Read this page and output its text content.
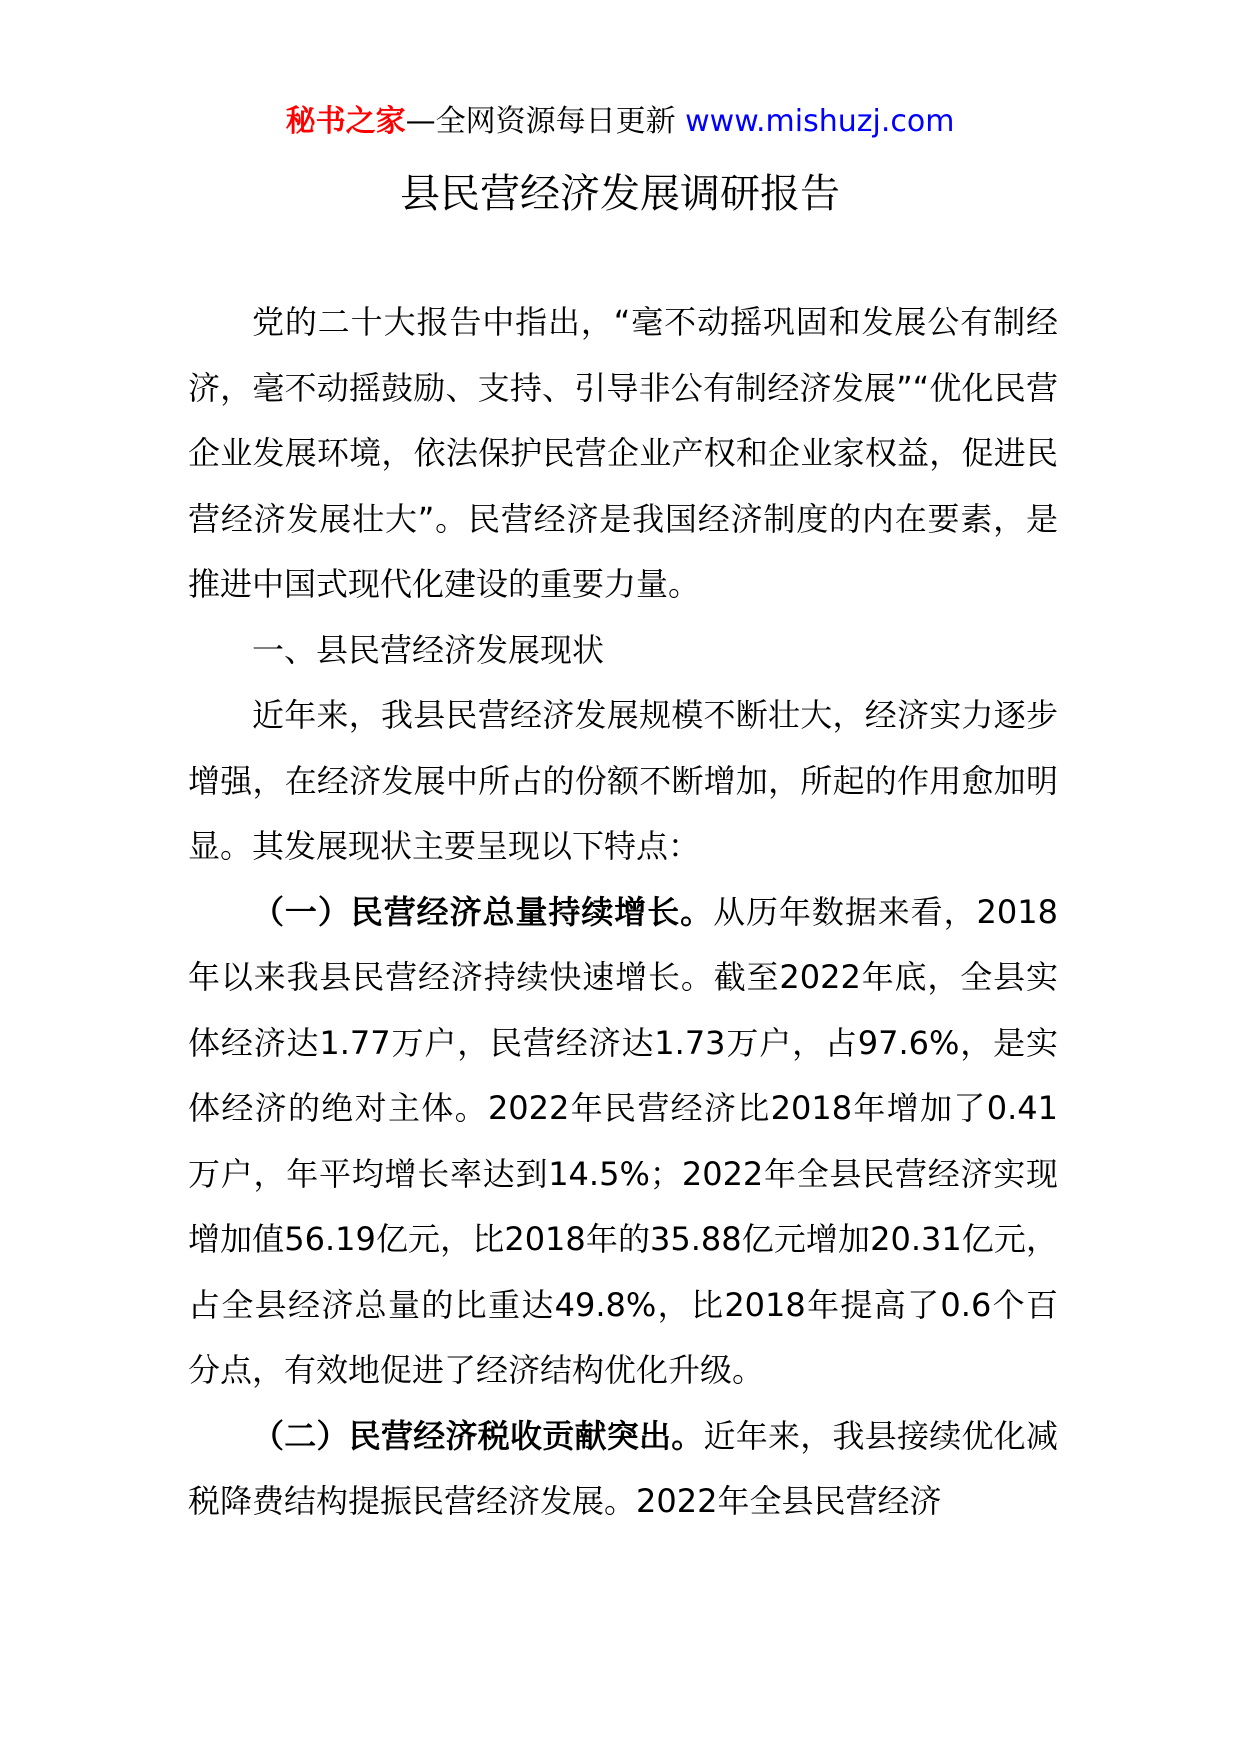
秘书之家—全网资源每日更新 www.mishuzj.com
县民营经济发展调研报告

党的二十大报告中指出，“毫不动摇巩固和发展公有制经济，毫不动摇鼓励、支持、引导非公有制经济发展”“优化民营企业发展环境，依法保护民营企业产权和企业家权益，促进民营经济发展壮大”。民营经济是我国经济制度的内在要素，是推进中国式现代化建设的重要力量。

一、县民营经济发展现状

近年来，我县民营经济发展规模不断壮大，经济实力逐步增强，在经济发展中所占的份额不断增加，所起的作用愈加明显。其发展现状主要呈现以下特点：

（一）民营经济总量持续增长。从历年数据来看，2018年以来我县民营经济持续快速增长。截至2022年底，全县实体经济达1.77万户，民营经济达1.73万户，占97.6%，是实体经济的绝对主体。2022年民营经济比2018年增加了0.41万户，年平均增长率达到14.5%；2022年全县民营经济实现增加值56.19亿元，比2018年的35.88亿元增加20.31亿元，占全县经济总量的比重达49.8%，比2018年提高了0.6个百分点，有效地促进了经济结构优化升级。

（二）民营经济税收贡献突出。近年来，我县接续优化减税降费结构提振民营经济发展。2022年全县民营经济
